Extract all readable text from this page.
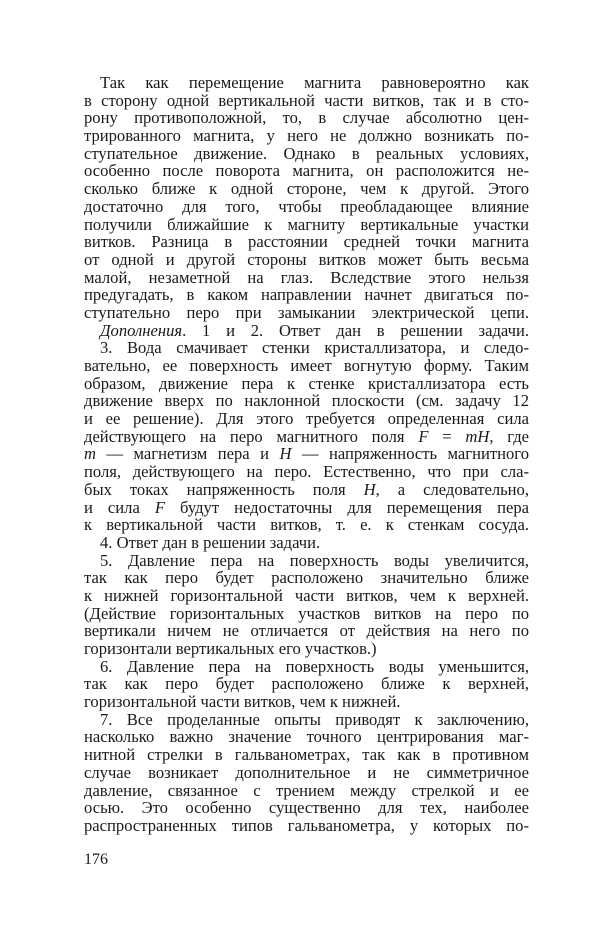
Так как перемещение магнита равновероятно как
в сторону одной вертикальной части витков, так и в сто-
рону противоположной, то, в случае абсолютно цен-
трированного магнита, у него не должно возникать по-
ступательное движение. Однако в реальных условиях,
особенно после поворота магнита, он расположится не-
сколько ближе к одной стороне, чем к другой. Этого
достаточно для того, чтобы преобладающее влияние
получили ближайшие к магниту вертикальные участки
витков. Разница в расстоянии средней точки магнита
от одной и другой стороны витков может быть весьма
малой, незаметной на глаз. Вследствие этого нельзя
предугадать, в каком направлении начнет двигаться по-
ступательно перо при замыкании электрической цепи.
Дополнения. 1 и 2. Ответ дан в решении задачи.
3. Вода смачивает стенки кристаллизатора, и следо-
вательно, ее поверхность имеет вогнутую форму. Таким
образом, движение пера к стенке кристаллизатора есть
движение вверх по наклонной плоскости (см. задачу 12
и ее решение). Для этого требуется определенная сила
действующего на перо магнитного поля F = mH, где
m — магнетизм пера и H — напряженность магнитного
поля, действующего на перо. Естественно, что при сла-
бых токах напряженность поля H, а следовательно,
и сила F будут недостаточны для перемещения пера
к вертикальной части витков, т. е. к стенкам сосуда.
4. Ответ дан в решении задачи.
5. Давление пера на поверхность воды увеличится,
так как перо будет расположено значительно ближе
к нижней горизонтальной части витков, чем к верхней.
(Действие горизонтальных участков витков на перо по
вертикали ничем не отличается от действия на него по
горизонтали вертикальных его участков.)
6. Давление пера на поверхность воды уменьшится,
так как перо будет расположено ближе к верхней,
горизонтальной части витков, чем к нижней.
7. Все проделанные опыты приводят к заключению,
насколько важно значение точного центрирования маг-
нитной стрелки в гальванометрах, так как в противном
случае возникает дополнительное и не симметричное
давление, связанное с трением между стрелкой и ее
осью. Это особенно существенно для тех, наиболее
распространенных типов гальванометра, у которых по-
176
